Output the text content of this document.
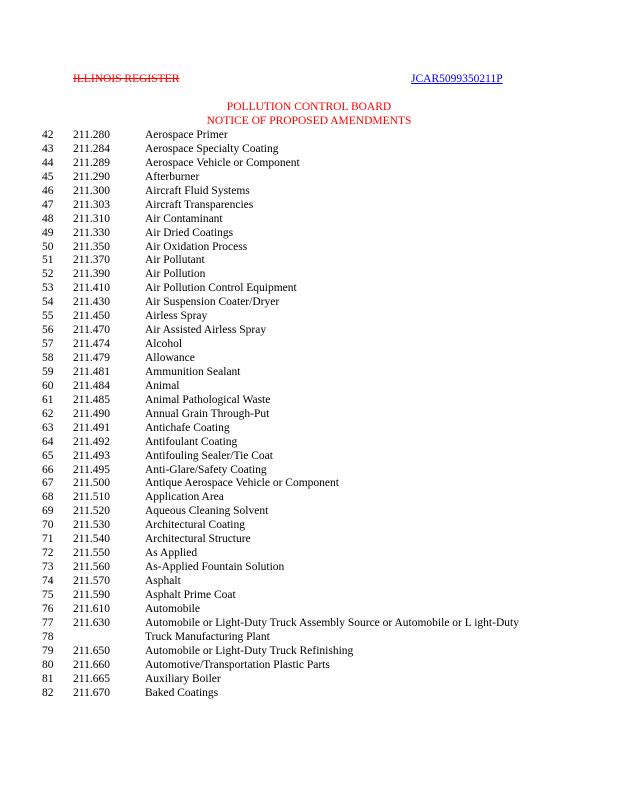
ILLINOIS REGISTER	JCAR5099350211P
POLLUTION CONTROL BOARD
NOTICE OF PROPOSED AMENDMENTS
42 211.280	Aerospace Primer
43 211.284	Aerospace Specialty Coating
44 211.289	Aerospace Vehicle or Component
45 211.290	Afterburner
46 211.300	Aircraft Fluid Systems
47 211.303	Aircraft Transparencies
48 211.310	Air Contaminant
49 211.330	Air Dried Coatings
50 211.350	Air Oxidation Process
51 211.370	Air Pollutant
52 211.390	Air Pollution
53 211.410	Air Pollution Control Equipment
54 211.430	Air Suspension Coater/Dryer
55 211.450	Airless Spray
56 211.470	Air Assisted Airless Spray
57 211.474	Alcohol
58 211.479	Allowance
59 211.481	Ammunition Sealant
60 211.484	Animal
61 211.485	Animal Pathological Waste
62 211.490	Annual Grain Through-Put
63 211.491	Antichafe Coating
64 211.492	Antifoulant Coating
65 211.493	Antifouling Sealer/Tie Coat
66 211.495	Anti-Glare/Safety Coating
67 211.500	Antique Aerospace Vehicle or Component
68 211.510	Application Area
69 211.520	Aqueous Cleaning Solvent
70 211.530	Architectural Coating
71 211.540	Architectural Structure
72 211.550	As Applied
73 211.560	As-Applied Fountain Solution
74 211.570	Asphalt
75 211.590	Asphalt Prime Coat
76 211.610	Automobile
77 211.630	Automobile or Light-Duty Truck Assembly Source or Automobile or L ight-Duty
78	Truck Manufacturing Plant
79 211.650	Automobile or Light-Duty Truck Refinishing
80 211.660	Automotive/Transportation Plastic Parts
81 211.665	Auxiliary Boiler
82 211.670	Baked Coatings
